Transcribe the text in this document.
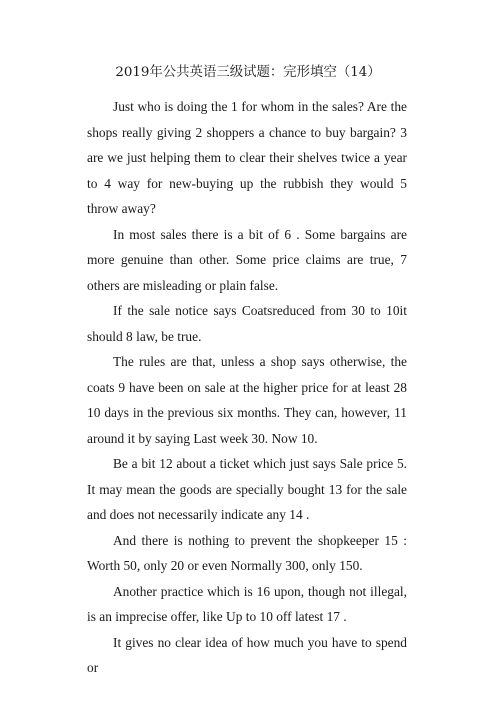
2019年公共英语三级试题：完形填空（14）

Just who is doing the 1 for whom in the sales? Are the shops really giving 2 shoppers a chance to buy bargain? 3 are we just helping them to clear their shelves twice a year to 4 way for new-buying up the rubbish they would 5 throw away?

In most sales there is a bit of 6 . Some bargains are more genuine than other. Some price claims are true, 7 others are misleading or plain false.

If the sale notice says Coatsreduced from 30 to 10it should 8 law, be true.

The rules are that, unless a shop says otherwise, the coats 9 have been on sale at the higher price for at least 28 10 days in the previous six months. They can, however, 11 around it by saying Last week 30. Now 10.

Be a bit 12 about a ticket which just says Sale price 5. It may mean the goods are specially bought 13 for the sale and does not necessarily indicate any 14 .

And there is nothing to prevent the shopkeeper 15 : Worth 50, only 20 or even Normally 300, only 150.

Another practice which is 16 upon, though not illegal, is an imprecise offer, like Up to 10 off latest 17 .

It gives no clear idea of how much you have to spend or
